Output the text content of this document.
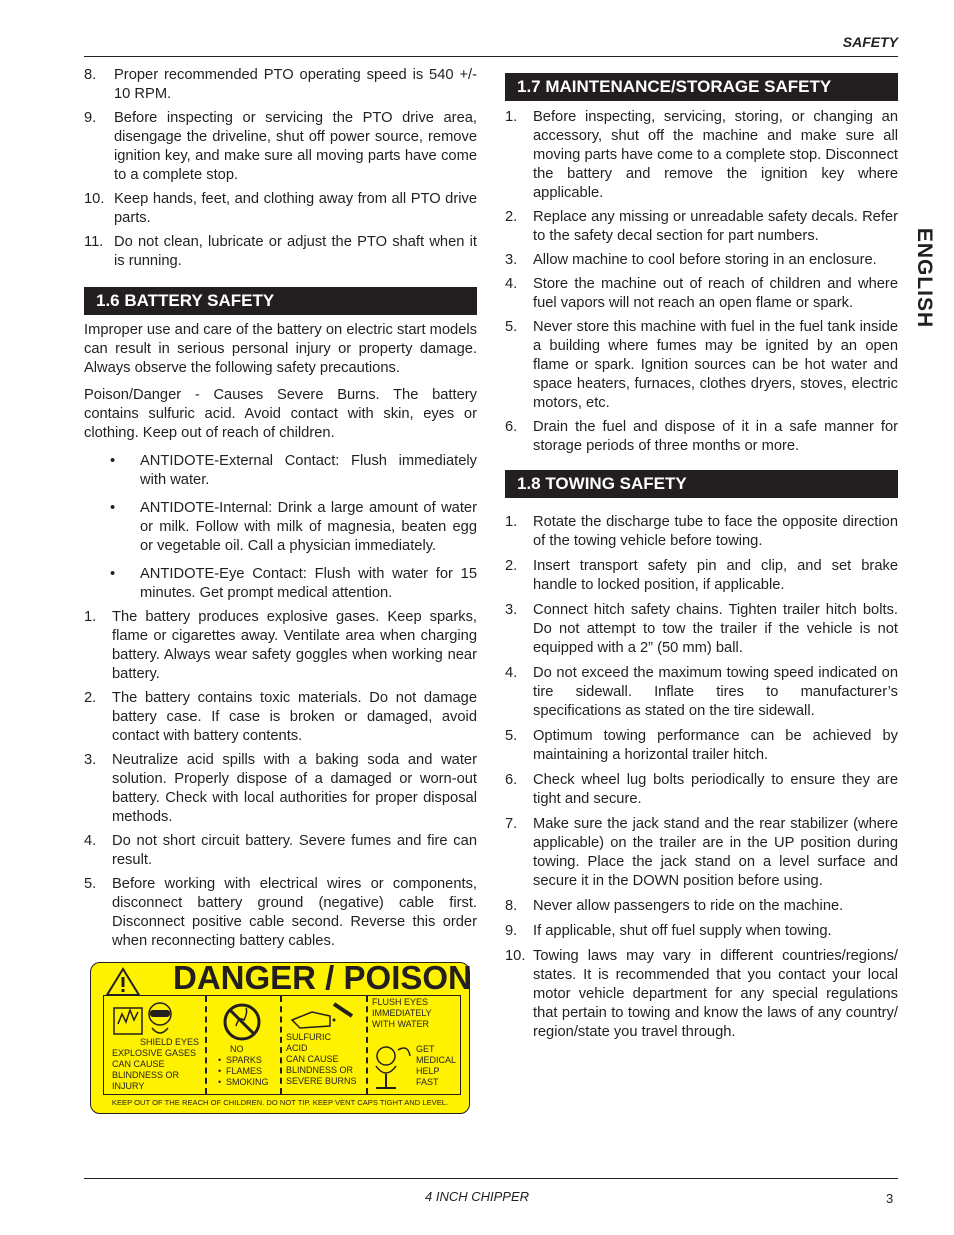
SAFETY
ENGLISH
8.	Proper recommended PTO operating speed is 540 +/- 10 RPM.
9.	Before inspecting or servicing the PTO drive area, disengage the driveline, shut off power source, remove ignition key, and make sure all moving parts have come to a complete stop.
10. Keep hands, feet, and clothing away from all PTO drive parts.
11. Do not clean, lubricate or adjust the PTO shaft when it is running.
1.6 BATTERY SAFETY

Improper use and care of the battery on electric start models can result in serious personal injury or property damage. Always observe the following safety precautions.

Poison/Danger - Causes Severe Burns. The battery contains sulfuric acid. Avoid contact with skin, eyes or clothing. Keep out of reach of children.

•	ANTIDOTE-External Contact: Flush immediately with water.
•	ANTIDOTE-Internal: Drink a large amount of water or milk. Follow with milk of magnesia, beaten egg or vegetable oil. Call a physician immediately.
•	ANTIDOTE-Eye Contact: Flush with water for 15 minutes. Get prompt medical attention.
1.	The battery produces explosive gases. Keep sparks, flame or cigarettes away. Ventilate area when charging battery. Always wear safety goggles when working near battery.
2.	The battery contains toxic materials. Do not damage battery case. If case is broken or damaged, avoid contact with battery contents.
3.	Neutralize acid spills with a baking soda and water solution. Properly dispose of a damaged or worn-out battery. Check with local authorities for proper disposal methods.
4.	Do not short circuit battery. Severe fumes and fire can result.
5.	Before working with electrical wires or components, disconnect battery ground (negative) cable first. Disconnect positive cable second. Reverse this order when reconnecting battery cables.
DANGER / POISON
SHIELD EYES
EXPLOSIVE GASES
CAN CAUSE
BLINDNESS OR
INJURY
NO
• SPARKS
• FLAMES
• SMOKING
SULFURIC
ACID
CAN CAUSE
BLINDNESS OR
SEVERE BURNS
FLUSH EYES
IMMEDIATELY
WITH WATER
GET
MEDICAL
HELP
FAST
KEEP OUT OF THE REACH OF CHILDREN. DO NOT TIP. KEEP VENT CAPS TIGHT AND LEVEL.
1.7 MAINTENANCE/STORAGE SAFETY
1.	Before inspecting, servicing, storing, or changing an accessory, shut off the machine and make sure all moving parts have come to a complete stop. Disconnect the battery and remove the ignition key where applicable.
2.	Replace any missing or unreadable safety decals. Refer to the safety decal section for part numbers.
3.	Allow machine to cool before storing in an enclosure.
4.	Store the machine out of reach of children and where fuel vapors will not reach an open flame or spark.
5.	Never store this machine with fuel in the fuel tank inside a building where fumes may be ignited by an open flame or spark. Ignition sources can be hot water and space heaters, furnaces, clothes dryers, stoves, electric motors, etc.
6.	Drain the fuel and dispose of it in a safe manner for storage periods of three months or more.
1.8 TOWING SAFETY
1.	Rotate the discharge tube to face the opposite direction of the towing vehicle before towing.
2.	Insert transport safety pin and clip, and set brake handle to locked position, if applicable.
3.	Connect hitch safety chains. Tighten trailer hitch bolts. Do not attempt to tow the trailer if the vehicle is not equipped with a 2” (50 mm) ball.
4.	Do not exceed the maximum towing speed indicated on tire sidewall. Inflate tires to manufacturer’s specifications as stated on the tire sidewall.
5.	Optimum towing performance can be achieved by maintaining a horizontal trailer hitch.
6.	Check wheel lug bolts periodically to ensure they are tight and secure.
7.	Make sure the jack stand and the rear stabilizer (where applicable) on the trailer are in the UP position during towing. Place the jack stand on a level surface and secure it in the DOWN position before using.
8.	Never allow passengers to ride on the machine.
9.	If applicable, shut off fuel supply when towing.
10. Towing laws may vary in different countries/regions/ states. It is recommended that you contact your local motor vehicle department for any special regulations that pertain to towing and know the laws of any country/ region/state you travel through.
4 INCH CHIPPER	3
